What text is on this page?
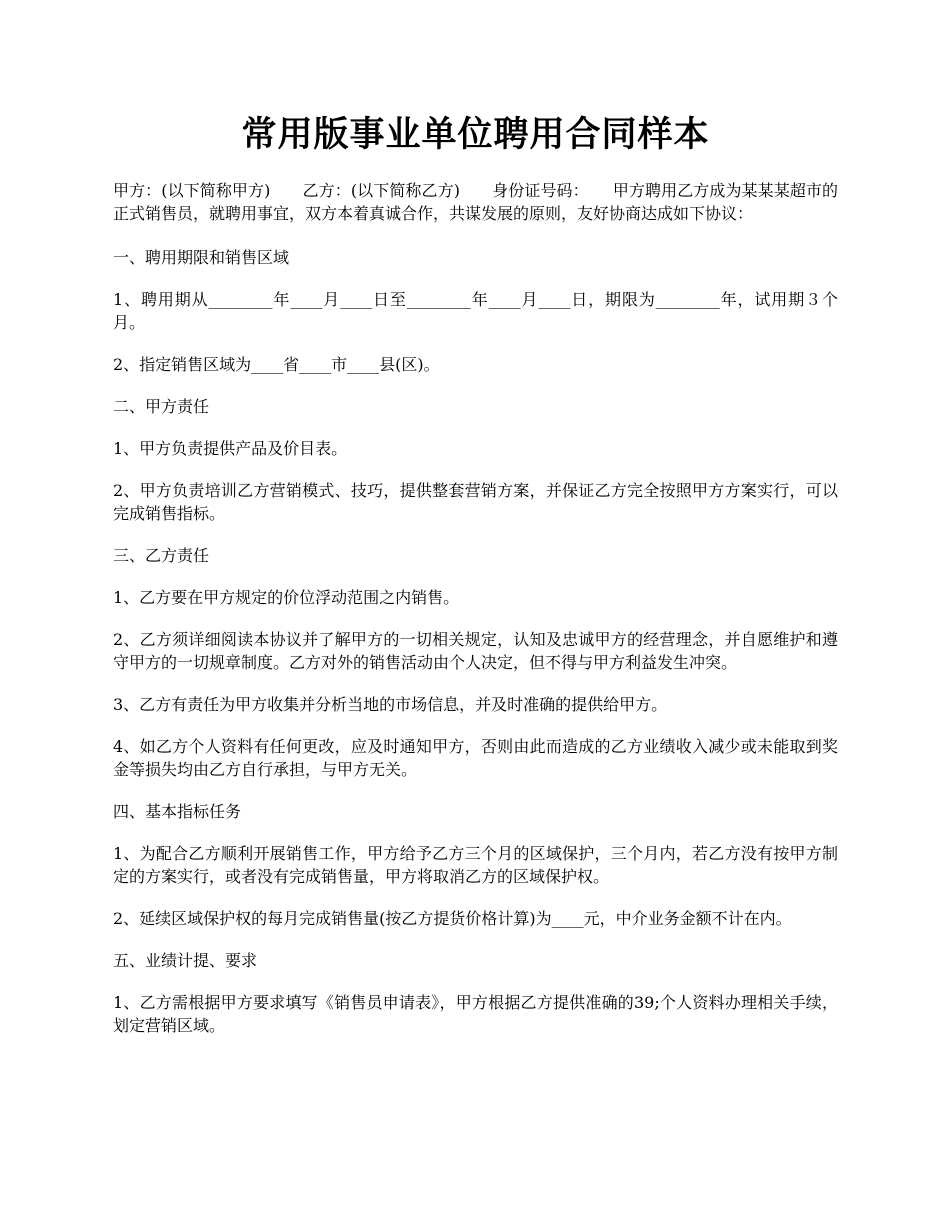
常用版事业单位聘用合同样本

甲方：(以下简称甲方)　　乙方：(以下简称乙方)　　身份证号码：　　甲方聘用乙方成为某某某超市的正式销售员，就聘用事宜，双方本着真诚合作，共谋发展的原则，友好协商达成如下协议：

一、聘用期限和销售区域

1、聘用期从________年____月____日至________年____月____日，期限为________年，试用期３个月。

2、指定销售区域为____省____市____县(区)。

二、甲方责任

1、甲方负责提供产品及价目表。

2、甲方负责培训乙方营销模式、技巧，提供整套营销方案，并保证乙方完全按照甲方方案实行，可以完成销售指标。

三、乙方责任

1、乙方要在甲方规定的价位浮动范围之内销售。

2、乙方须详细阅读本协议并了解甲方的一切相关规定，认知及忠诚甲方的经营理念，并自愿维护和遵守甲方的一切规章制度。乙方对外的销售活动由个人决定，但不得与甲方利益发生冲突。

3、乙方有责任为甲方收集并分析当地的市场信息，并及时准确的提供给甲方。

4、如乙方个人资料有任何更改，应及时通知甲方，否则由此而造成的乙方业绩收入减少或未能取到奖金等损失均由乙方自行承担，与甲方无关。

四、基本指标任务

1、为配合乙方顺利开展销售工作，甲方给予乙方三个月的区域保护，三个月内，若乙方没有按甲方制定的方案实行，或者没有完成销售量，甲方将取消乙方的区域保护权。

2、延续区域保护权的每月完成销售量(按乙方提货价格计算)为____元，中介业务金额不计在内。

五、业绩计提、要求

1、乙方需根据甲方要求填写《销售员申请表》，甲方根据乙方提供准确的39;个人资料办理相关手续，划定营销区域。
